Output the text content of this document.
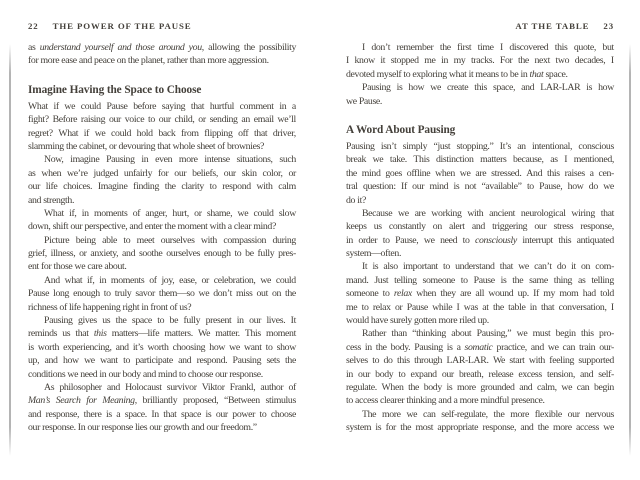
22 THE POWER OF THE PAUSE
as understand yourself and those around you, allowing the possibility
for more ease and peace on the planet, rather than more aggression.
Imagine Having the Space to Choose
What if we could Pause before saying that hurtful comment in a
fight? Before raising our voice to our child, or sending an email we’ll
regret? What if we could hold back from flipping off that driver,
slamming the cabinet, or devouring that whole sheet of brownies?
Now, imagine Pausing in even more intense situations, such
as when we’re judged unfairly for our beliefs, our skin color, or
our life choices. Imagine finding the clarity to respond with calm
and strength.
What if, in moments of anger, hurt, or shame, we could slow
down, shift our perspective, and enter the moment with a clear mind?
Picture being able to meet ourselves with compassion during
grief, illness, or anxiety, and soothe ourselves enough to be fully pres-
ent for those we care about.
And what if, in moments of joy, ease, or celebration, we could
Pause long enough to truly savor them—so we don’t miss out on the
richness of life happening right in front of us?
Pausing gives us the space to be fully present in our lives. It
reminds us that this matters—life matters. We matter. This moment
is worth experiencing, and it’s worth choosing how we want to show
up, and how we want to participate and respond. Pausing sets the
conditions we need in our body and mind to choose our response.
As philosopher and Holocaust survivor Viktor Frankl, author of
Man’s Search for Meaning, brilliantly proposed, “Between stimulus
and response, there is a space. In that space is our power to choose
our response. In our response lies our growth and our freedom.”
AT THE TABLE 23
I don’t remember the first time I discovered this quote, but
I know it stopped me in my tracks. For the next two decades, I
devoted myself to exploring what it means to be in that space.
Pausing is how we create this space, and LAR-LAR is how
we Pause.
A Word About Pausing
Pausing isn’t simply “just stopping.” It’s an intentional, conscious
break we take. This distinction matters because, as I mentioned,
the mind goes offline when we are stressed. And this raises a cen-
tral question: If our mind is not “available” to Pause, how do we
do it?
Because we are working with ancient neurological wiring that
keeps us constantly on alert and triggering our stress response,
in order to Pause, we need to consciously interrupt this antiquated
system—often.
It is also important to understand that we can’t do it on com-
mand. Just telling someone to Pause is the same thing as telling
someone to relax when they are all wound up. If my mom had told
me to relax or Pause while I was at the table in that conversation, I
would have surely gotten more riled up.
Rather than “thinking about Pausing,” we must begin this pro-
cess in the body. Pausing is a somatic practice, and we can train our-
selves to do this through LAR-LAR. We start with feeling supported
in our body to expand our breath, release excess tension, and self-
regulate. When the body is more grounded and calm, we can begin
to access clearer thinking and a more mindful presence.
The more we can self-regulate, the more flexible our nervous
system is for the most appropriate response, and the more access we
